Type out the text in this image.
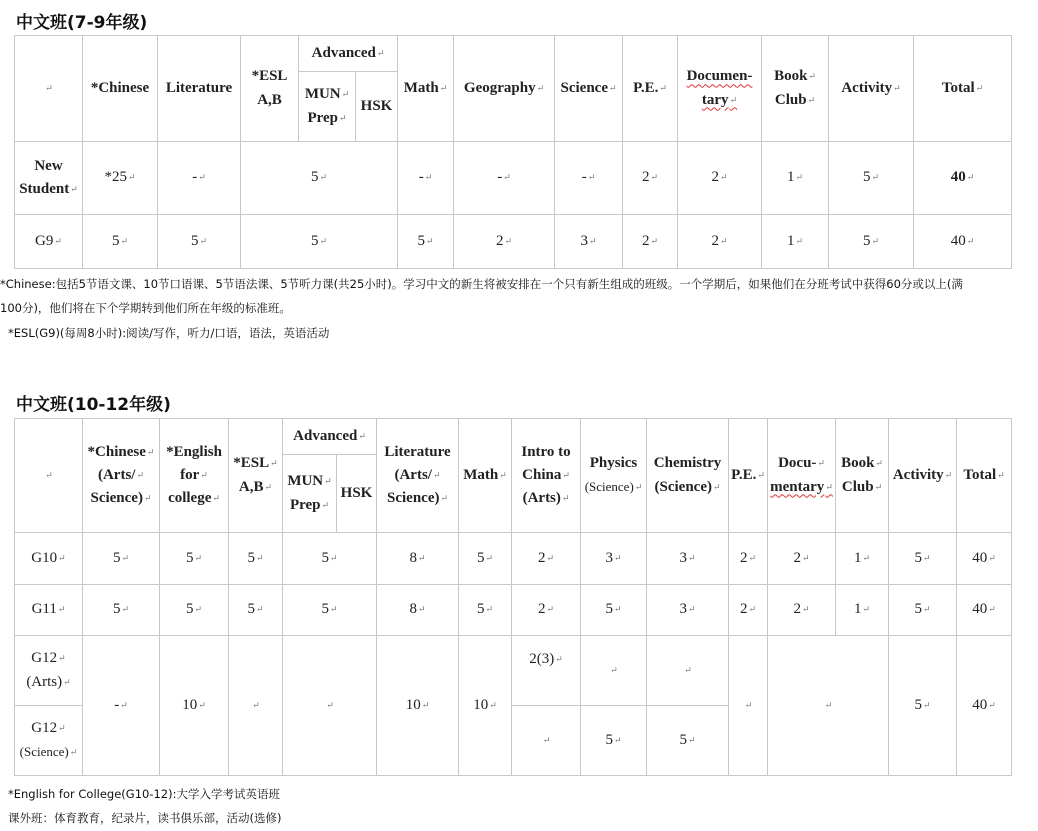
中文班(7-9年级)
↵	*Chinese	Literature	*ESL
A,B	Advanced ↵		Math ↵	Geography ↵	Science ↵	P.E. ↵	Documen-
tary ↵	Book ↵
Club ↵	Activity ↵	Total ↵
				MUN ↵
Prep ↵	HSK								
New
Student ↵	*25 ↵	- ↵	5 ↵			- ↵	- ↵	- ↵	2 ↵	2 ↵	1 ↵	5 ↵	40 ↵
G9 ↵	5 ↵	5 ↵	5 ↵			5 ↵	2 ↵	3 ↵	2 ↵	2 ↵	1 ↵	5 ↵	40 ↵
*Chinese:包括5节语文课、10节口语课、5节语法课、5节听力课(共25小时)。学习中文的新生将被安排在一个只有新生组成的班级。一个学期后，如果他们在分班考试中获得60分或以上(满
100分)，他们将在下个学期转到他们所在年级的标准班。
*ESL(G9)(每周8小时):阅读/写作，听力/口语，语法，英语活动
中文班(10-12年级)
↵	*Chinese ↵
(Arts/ ↵
Science) ↵	*English
for ↵
college ↵	*ESL ↵
A,B ↵	Advanced ↵		Literature
(Arts/ ↵
Science) ↵	Math ↵	Intro to
China ↵
(Arts) ↵	Physics
(Science) ↵	Chemistry
(Science) ↵	P.E. ↵	Docu- ↵
mentary ↵	Book ↵
Club ↵	Activity ↵	Total ↵
				MUN ↵
Prep ↵	HSK										
G10 ↵	5 ↵	5 ↵	5 ↵	5 ↵		8 ↵	5 ↵	2 ↵	3 ↵	3 ↵	2 ↵	2 ↵	1 ↵	5 ↵	40 ↵
G11 ↵	5 ↵	5 ↵	5 ↵	5 ↵		8 ↵	5 ↵	2 ↵	5 ↵	3 ↵	2 ↵	2 ↵	1 ↵	5 ↵	40 ↵
G12 ↵
(Arts) ↵	- ↵	10 ↵	↵	↵		10 ↵	10 ↵	2(3) ↵	↵	↵	↵	↵		5 ↵	40 ↵
G12 ↵
(Science) ↵	↵								5 ↵	5 ↵
*English for College(G10-12):大学入学考试英语班
课外班：体育教育，纪录片，读书俱乐部，活动(选修)
